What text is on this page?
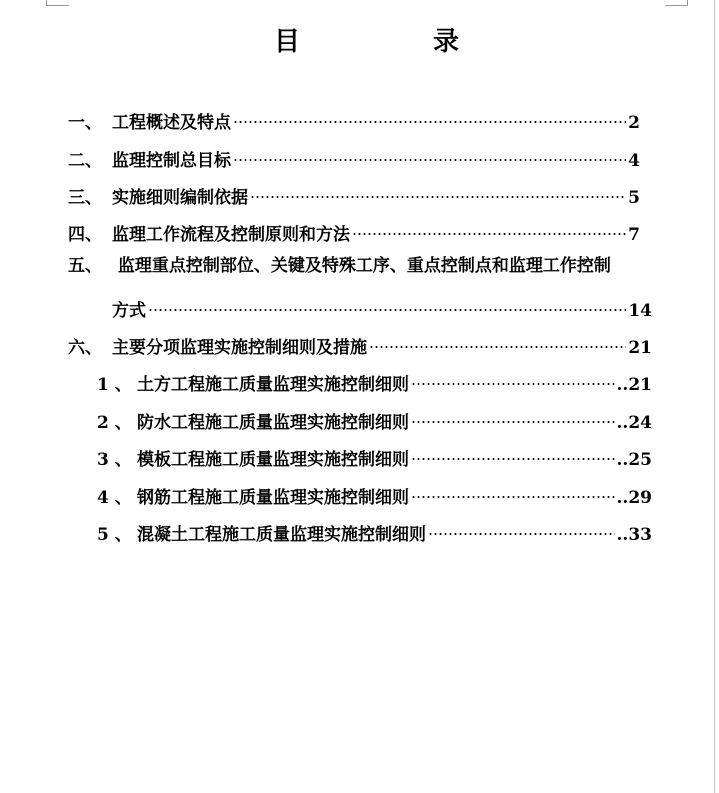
目	录
一、 工程概述及特点	2
二、 监理控制总目标	4
三、 实施细则编制依据	5
四、 监理工作流程及控制原则和方法	7
五、 监理重点控制部位、关键及特殊工序、重点控制点和监理工作控制
方式	14
六、 主要分项监理实施控制细则及措施	21
1 、 土方工程施工质量监理实施控制细则	..21
2 、 防水工程施工质量监理实施控制细则	..24
3 、 模板工程施工质量监理实施控制细则	..25
4 、 钢筋工程施工质量监理实施控制细则	..29
5 、 混凝土工程施工质量监理实施控制细则	..33
